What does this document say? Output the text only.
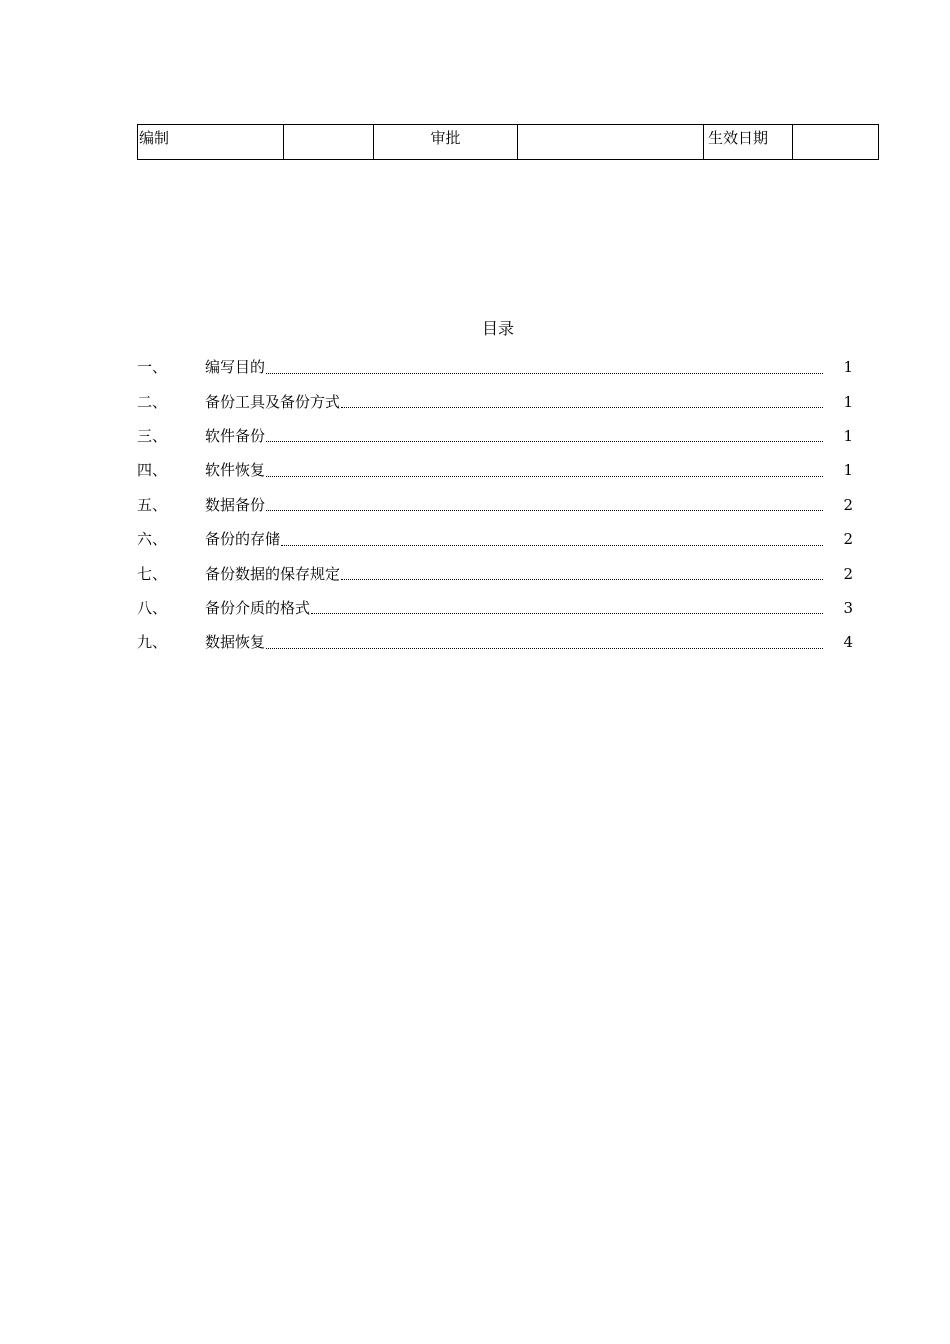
编制		审批		生效日期	
目录
一、	编写目的	1
二、	备份工具及备份方式	1
三、	软件备份	1
四、	软件恢复	1
五、	数据备份	2
六、	备份的存储	2
七、	备份数据的保存规定	2
八、	备份介质的格式	3
九、	数据恢复	4
